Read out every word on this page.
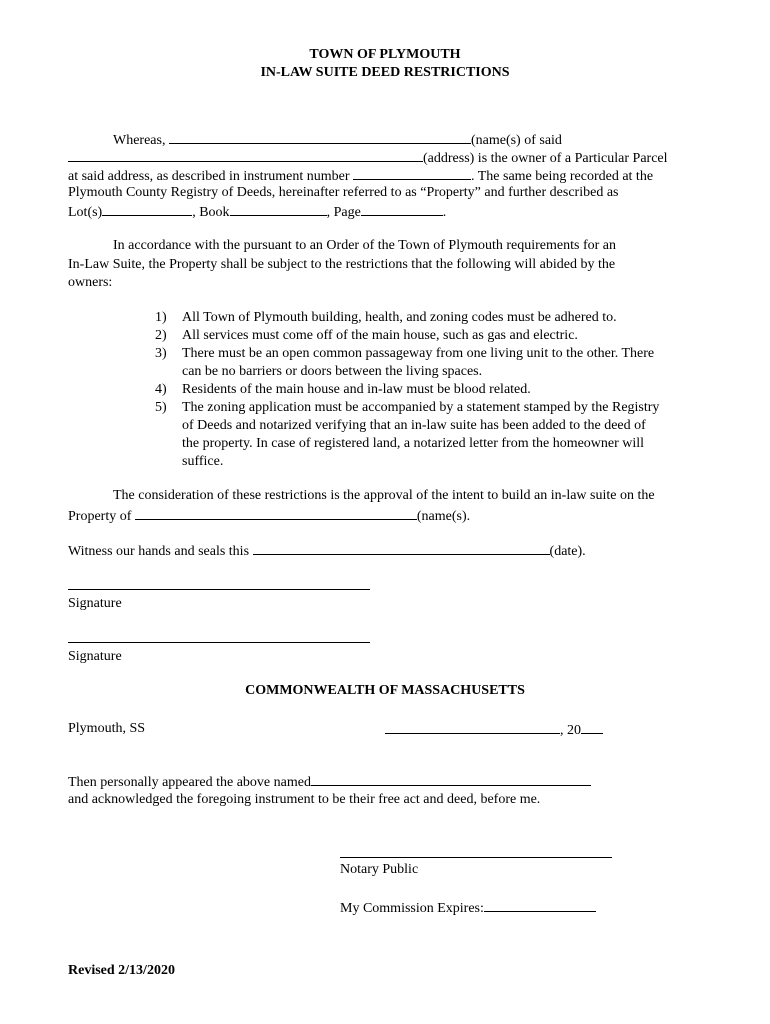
TOWN OF PLYMOUTH
IN-LAW SUITE DEED RESTRICTIONS
Whereas,	(name(s) of said
(address) is the owner of a Particular Parcel
at said address, as described in instrument number	. The same being recorded at the
Plymouth County Registry of Deeds, hereinafter referred to as “Property” and further described as
Lot(s)	, Book	, Page	.
In accordance with the pursuant to an Order of the Town of Plymouth requirements for an
In-Law Suite, the Property shall be subject to the restrictions that the following will abided by the
owners:
1) All Town of Plymouth building, health, and zoning codes must be adhered to.
2) All services must come off of the main house, such as gas and electric.
3) There must be an open common passageway from one living unit to the other. There
can be no barriers or doors between the living spaces.
4) Residents of the main house and in-law must be blood related.
5) The zoning application must be accompanied by a statement stamped by the Registry
of Deeds and notarized verifying that an in-law suite has been added to the deed of
the property. In case of registered land, a notarized letter from the homeowner will
suffice.
The consideration of these restrictions is the approval of the intent to build an in-law suite on the
Property of	(name(s).
Witness our hands and seals this	(date).
Signature
Signature
COMMONWEALTH OF MASSACHUSETTS
Plymouth, SS	, 20
Then personally appeared the above named
and acknowledged the foregoing instrument to be their free act and deed, before me.
Notary Public
My Commission Expires:
Revised 2/13/2020
